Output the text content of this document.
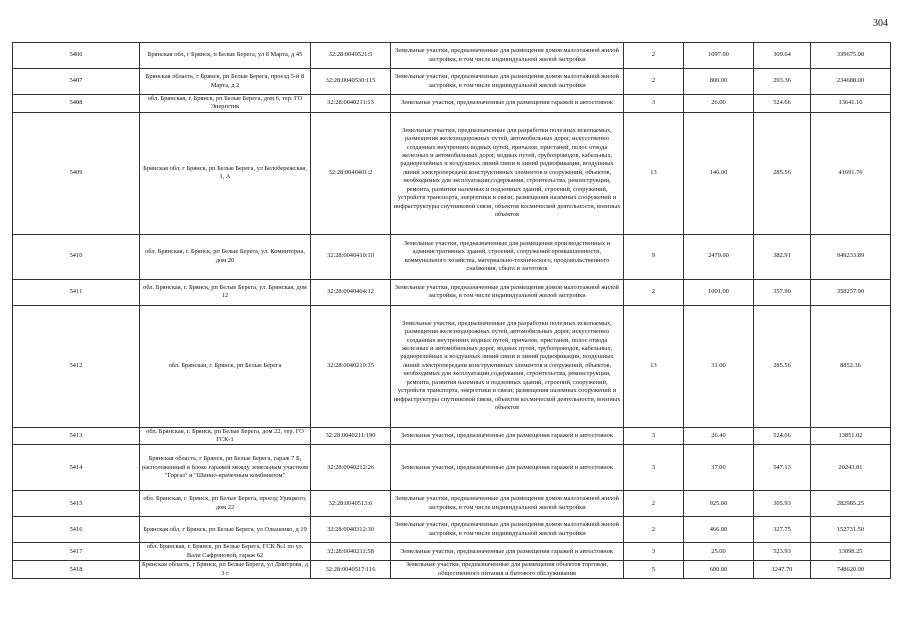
304
5406	Брянская обл, г Брянск, п Белые Берега, ул 8 Марта, д 45	32:28:0040521:5	Земельные участки, предназначенные для размещения домов малоэтажной жилой застройки, в том числе индивидуальной жилой застройки	2	1097.00	309.64	339675.08
5407	Брянская область, г Брянск, рп Белые Берега, проезд 5-й 8 Марта, д 2	32:28:0040530:115	Земельные участки, предназначенные для размещения домов малоэтажной жилой застройки, в том числе индивидуальной жилой застройки	2	800.00	293.36	234688.00
5408	обл. Брянская, г. Брянск, рп Белые Берега, дом 6, тер. ГО Энергетик	32:28:0040211:13	Земельные участки, предназначенные для размещения гаражей и автостоянок	3	26.00	524.66	13641.16
5409	Брянская обл, г Брянск, рп Белые Берега, ул Белобережская, 1, А	32:28:0040401:2	Земельные участки, предназначенные для разработки полезных ископаемых, размещения железнодорожных путей, автомобильных дорог, искусственно созданных внутренних водных путей, причалов, пристаней, полос отвода железных и автомобильных дорог, водных путей, трубопроводов, кабельных, радиорелейных и воздушных линий связи и линий радиофикации, воздушных линий электропередачи конструктивных элементов и сооружений, объектов, необходимых для эксплуатации,содержания, строительства, реконструкции, ремонта, развития наземных и подземных зданий, строений, сооружений, устройств транспорта, энергетики и связи; размещения наземных сооружений и инфраструктуры спутниковой связи, объектов космической деятельности, военных объектов	13	146.00	285.56	41691.76
5410	обл. Брянская, г. Брянск, рп Белые Берега, ул. Коминтерна, дом 20	32:28:0040410:10	Земельные участки, предназначенные для размещения производственных и административных зданий, строений, сооружений промышленности, коммунального хозяйства, материально-технического, продовольственного снабжения, сбыта и заготовок	9	2479.00	382.91	949233.89
5411	обл. Брянская, г. Брянск, рп Белые Берега, ул. Брянская, дом 12	32:28:0040404:12	Земельные участки, предназначенные для размещения домов малоэтажной жилой застройки, в том числе индивидуальной жилой застройки	2	1001.00	357.90	358257.90
5412	обл. Брянская, г. Брянск, рп Белые Берега	32:28:0040210:15	Земельные участки, предназначенные для разработки полезных ископаемых, размещения железнодорожных путей, автомобильных дорог, искусственно созданных внутренних водных путей, причалов, пристаней, полос отвода железных и автомобильных дорог, водных путей, трубопроводов, кабельных, радиорелейных и воздушных линий связи и линий радиофикации, воздушных линий электропередачи конструктивных элементов и сооружений, объектов, необходимых для эксплуатации,содержания, строительства, реконструкции, ремонта, развития наземных и подземных зданий, строений, сооружений, устройств транспорта, энергетики и связи; размещения наземных сооружений и инфраструктуры спутниковой связи, объектов космической деятельности, военных объектов	13	31.00	285.56	8852.36
5413	обл. Брянская, г. Брянск, рп Белые Берега, дом 22, тер. ГО ГСК-1	32:28:0040211:190	Земельные участки, предназначенные для размещения гаражей и автостоянок	3	26.40	524.66	13851.02
5414	Брянская область, г Брянск, рп Белые Берега, гараж 7 Б, расположенный в блоке гаражей между земельным участком "Горгаз" и "Шинно-врачечным комбинатом"	32:28:0040212:26	Земельные участки, предназначенные для размещения гаражей и автостоянок	3	37.00	547.13	20243.81
5415	обл. Брянская, г. Брянск, рп Белые Берега, проезд Урицкого, дом 22	32:28:0040513:6	Земельные участки, предназначенные для размещения домов малоэтажной жилой застройки, в том числе индивидуальной жилой застройки	2	925.00	305.93	282985.25
5416	Брянская обл, г Брянск, рп Белые Берега, ул Ольшенко, д 19	32:28:0040312:30	Земельные участки, предназначенные для размещения домов малоэтажной жилой застройки, в том числе индивидуальной жилой застройки	2	466.00	327.75	152731.50
5417	обл. Брянская, г. Брянск, рп Белые Берега, ГСК №1 по ул. Вали Сафроновой, гараж 62	32:28:0040211:58	Земельные участки, предназначенные для размещения гаражей и автостоянок	3	25.00	523.93	13098.25
5418	Брянская область, г Брянск, рп Белые Берега, ул Дмитрова, д 3 г	32:28:0040517:116	Земельные участки, предназначенные для размещения объектов торговли, общественного питания и бытового обслуживания	5	600.00	1247.70	748620.00
